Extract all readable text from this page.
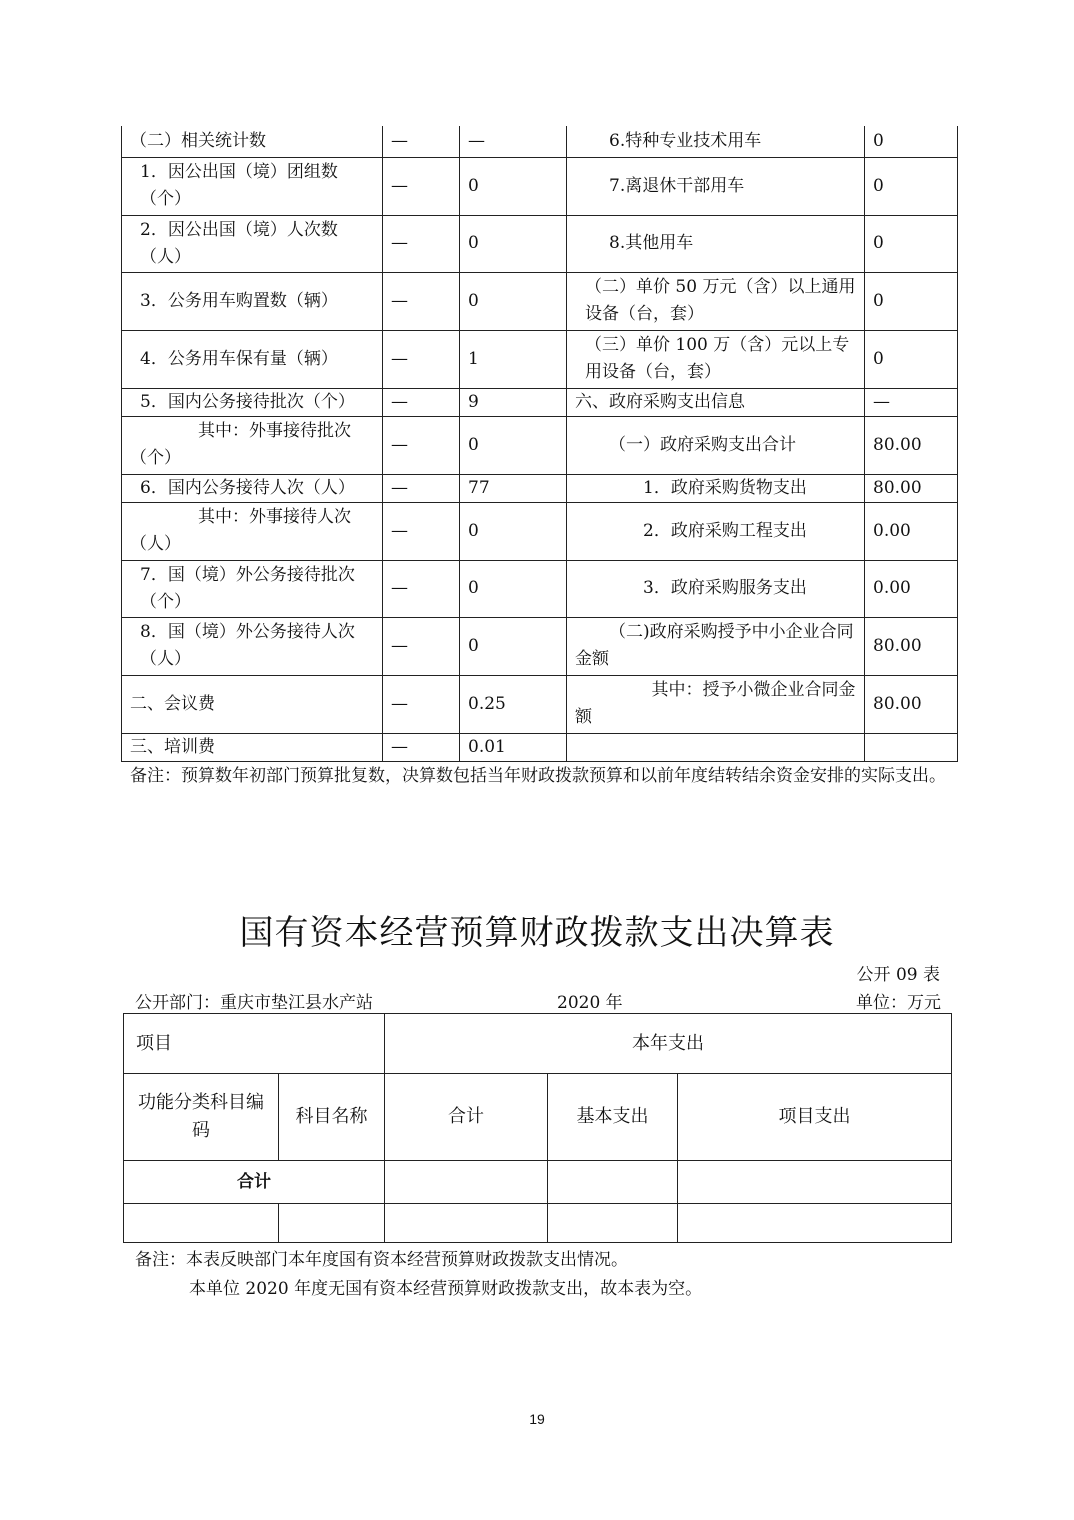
（二）相关统计数	—	—	6.特种专业技术用车	0
1．因公出国（境）团组数（个）	—	0	7.离退休干部用车	0
2．因公出国（境）人次数（人）	—	0	8.其他用车	0
3．公务用车购置数（辆）	—	0	（二）单价 50 万元（含）以上通用设备（台，套）	0
4．公务用车保有量（辆）	—	1	（三）单价 100 万（含）元以上专用设备（台，套）	0
5．国内公务接待批次（个）	—	9	六、政府采购支出信息	—
其中：外事接待批次（个）	—	0	（一）政府采购支出合计	80.00
6．国内公务接待人次（人）	—	77	1．政府采购货物支出	80.00
其中：外事接待人次（人）	—	0	2．政府采购工程支出	0.00
7．国（境）外公务接待批次（个）	—	0	3．政府采购服务支出	0.00
8．国（境）外公务接待人次（人）	—	0	（二)政府采购授予中小企业合同金额	80.00
二、会议费	—	0.25	其中：授予小微企业合同金额	80.00
三、培训费	—	0.01		
备注：预算数年初部门预算批复数，决算数包括当年财政拨款预算和以前年度结转结余资金安排的实际支出。
国有资本经营预算财政拨款支出决算表
公开 09 表
公开部门：重庆市垫江县水产站	2020 年	单位：万元
项目		本年支出		
功能分类科目编码	科目名称	合计	基本支出	项目支出
合计				

备注：本表反映部门本年度国有资本经营预算财政拨款支出情况。
本单位 2020 年度无国有资本经营预算财政拨款支出，故本表为空。
19
